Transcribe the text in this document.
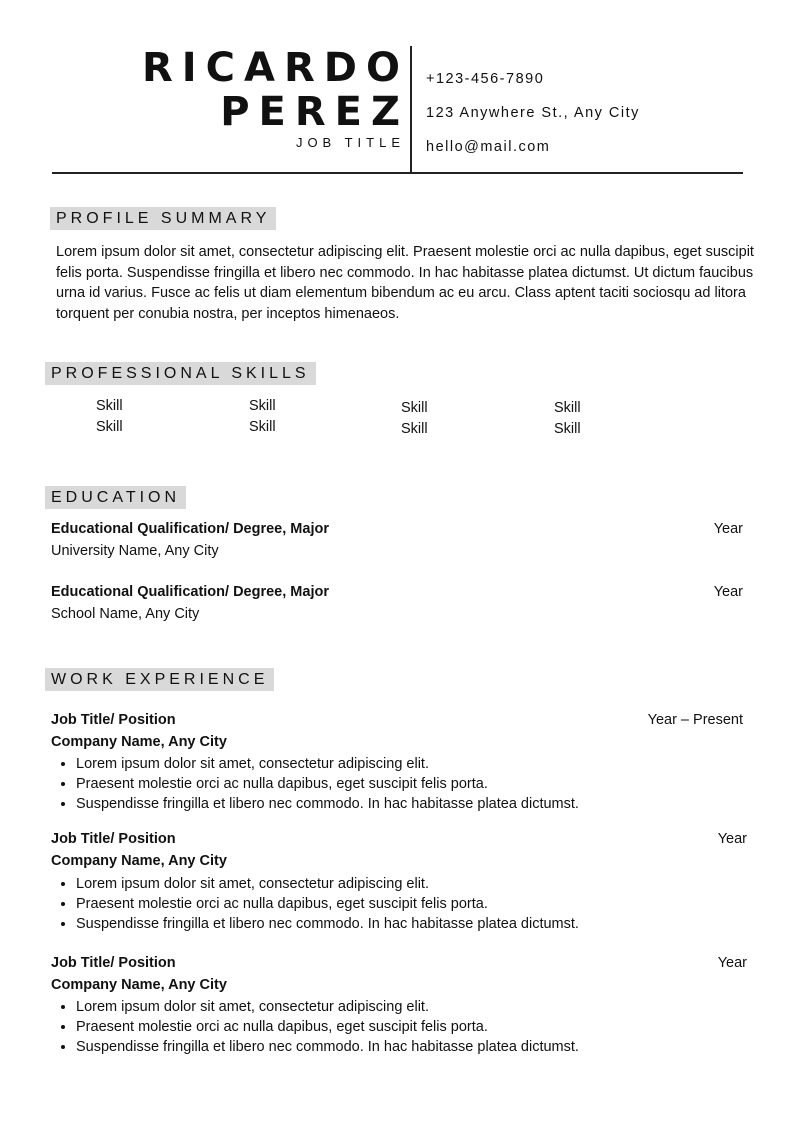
RICARDO
PEREZ
JOB TITLE
+123-456-7890
123 Anywhere St., Any City
hello@mail.com
PROFILE SUMMARY
Lorem ipsum dolor sit amet, consectetur adipiscing elit. Praesent molestie orci ac nulla dapibus, eget suscipit felis porta. Suspendisse fringilla et libero nec commodo. In hac habitasse platea dictumst. Ut dictum faucibus urna id varius. Fusce ac felis ut diam elementum bibendum ac eu arcu. Class aptent taciti sociosqu ad litora torquent per conubia nostra, per inceptos himenaeos.
PROFESSIONAL SKILLS
Skill	Skill	Skill	Skill
Skill	Skill	Skill	Skill
EDUCATION
Educational Qualification/ Degree, Major	Year
University Name, Any City
Educational Qualification/ Degree, Major	Year
School Name, Any City
WORK EXPERIENCE
Job Title/ Position	Year – Present
Company Name, Any City
• Lorem ipsum dolor sit amet, consectetur adipiscing elit.
• Praesent molestie orci ac nulla dapibus, eget suscipit felis porta.
• Suspendisse fringilla et libero nec commodo. In hac habitasse platea dictumst.
Job Title/ Position	Year
Company Name, Any City
• Lorem ipsum dolor sit amet, consectetur adipiscing elit.
• Praesent molestie orci ac nulla dapibus, eget suscipit felis porta.
• Suspendisse fringilla et libero nec commodo. In hac habitasse platea dictumst.
Job Title/ Position	Year
Company Name, Any City
• Lorem ipsum dolor sit amet, consectetur adipiscing elit.
• Praesent molestie orci ac nulla dapibus, eget suscipit felis porta.
• Suspendisse fringilla et libero nec commodo. In hac habitasse platea dictumst.
